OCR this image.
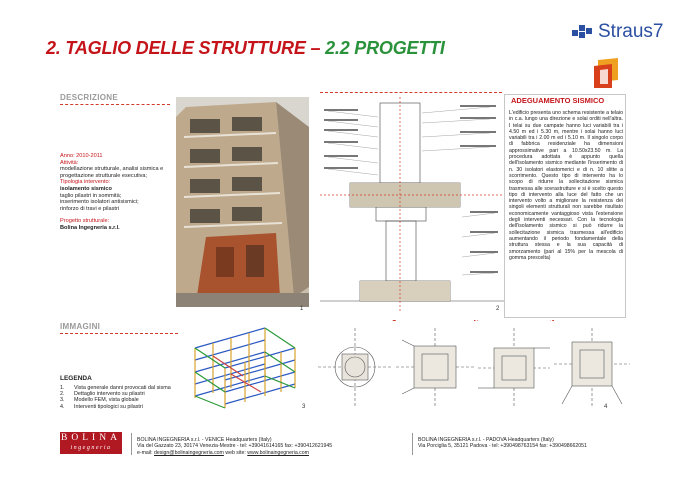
2. TAGLIO DELLE STRUTTURE – 2.2 PROGETTI
Straus7
DESCRIZIONE

Anno: 2010-2011

Attività:

modellazione strutturale, analisi sismica e progettazione strutturale esecutiva;

Tipologia intervento:

isolamento sismico

taglio pilastri in sommità;

inserimento isolatori antisismici;

rinforzo di travi e pilastri

Progetto strutturale:

Bolina Ingegneria s.r.l.

1	2
ADEGUAMENTO SISMICO
L'edificio presenta uno schema resistente a telaio in c.a. lungo una direzione e solai orditi nell'altra. I telai su due campate hanno luci variabili tra i 4.50 m ed i 5.30 m, mentre i solai hanno luci variabili tra i 2.00 m ed i 5.10 m. Il singolo corpo di fabbrica residenziale ha dimensioni approssimative pari a 10.50x23.50 m. La procedura adottata è appunto quella dell'isolamento sismico mediante l'inserimento di n. 30 isolatori elastomerici e di n. 10 slitte a scorrimento. Questo tipo di intervento ha lo scopo di ridurre la sollecitazione sismica trasmessa alle sovrastrutture e si è scelto questo tipo di intervento alla luce del fatto che un intervento volto a migliorare la resistenza dei singoli elementi strutturali non sarebbe risultato economicamente vantaggioso vista l'estensione degli interventi necessari. Con la tecnologia dell'isolamento sismico si può ridurre la sollecitazione sismica trasmessa all'edificio aumentando il periodo fondamentale della struttura stessa e la sua capacità di smorzamento (pari al 15% per la mescola di gomma prescelta)
IMMAGINI
LEGENDA
1.	Vista generale danni provocati dal sisma
2.	Dettaglio intervento su pilastri
3.	Modello FEM, vista globale
4.	Interventi tipologici su pilastri	3	4
BOLINA
ingegneria
BOLINA INGEGNERIA s.r.l. - VENICE Headquarters (Italy)
Via del Gazzato 23, 30174 Venezia-Mestre - tel: +39041614165 fax: +390412621945
e-mail: design@bolinaingegneria.com web site: www.bolinaingegneria.com
BOLINA INGEGNERIA s.r.l. - PADOVA Headquarters (Italy)
Via Porciglia 5, 35121 Padova - tel: +390498763154 fax: +390498662051
